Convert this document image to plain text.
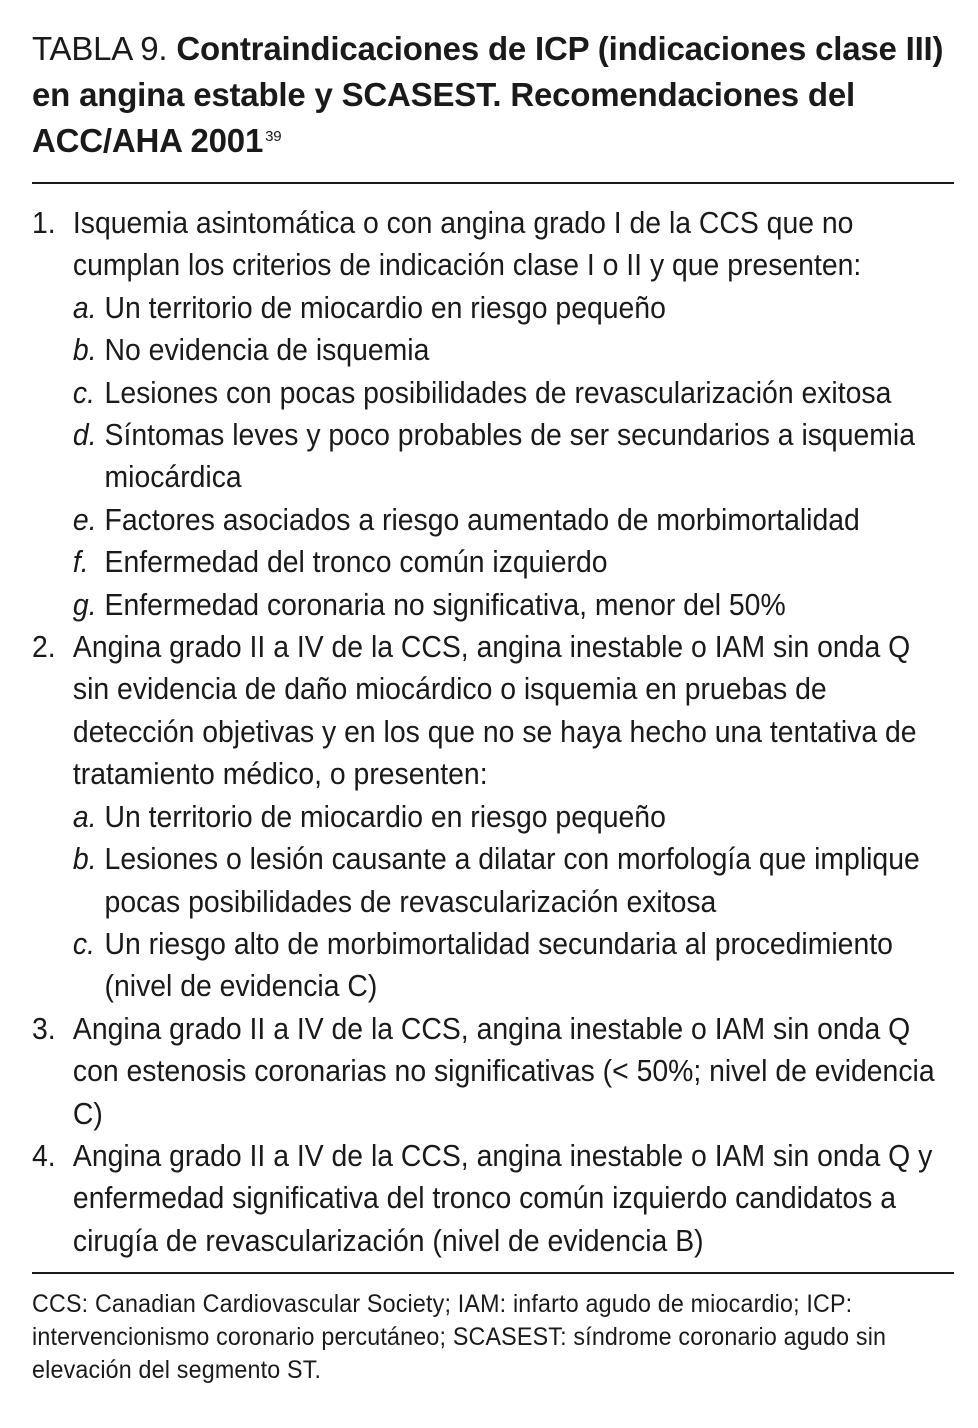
TABLA 9. Contraindicaciones de ICP (indicaciones clase III) en angina estable y SCASEST. Recomendaciones del ACC/AHA 2001 $^{39}$
1. Isquemia asintomática o con angina grado I de la CCS que no cumplan los criterios de indicación clase I o II y que presenten:
a. Un territorio de miocardio en riesgo pequeño
b. No evidencia de isquemia
c. Lesiones con pocas posibilidades de revascularización exitosa
d. Síntomas leves y poco probables de ser secundarios a isquemia miocárdica
e. Factores asociados a riesgo aumentado de morbimortalidad
f. Enfermedad del tronco común izquierdo
g. Enfermedad coronaria no significativa, menor del 50%
2. Angina grado II a IV de la CCS, angina inestable o IAM sin onda Q sin evidencia de daño miocárdico o isquemia en pruebas de detección objetivas y en los que no se haya hecho una tentativa de tratamiento médico, o presenten:
a. Un territorio de miocardio en riesgo pequeño
b. Lesiones o lesión causante a dilatar con morfología que implique pocas posibilidades de revascularización exitosa
c. Un riesgo alto de morbimortalidad secundaria al procedimiento (nivel de evidencia C)
3. Angina grado II a IV de la CCS, angina inestable o IAM sin onda Q con estenosis coronarias no significativas (< 50%; nivel de evidencia C)
4. Angina grado II a IV de la CCS, angina inestable o IAM sin onda Q y enfermedad significativa del tronco común izquierdo candidatos a cirugía de revascularización (nivel de evidencia B)
CCS: Canadian Cardiovascular Society; IAM: infarto agudo de miocardio; ICP: intervencionismo coronario percutáneo; SCASEST: síndrome coronario agudo sin elevación del segmento ST.
